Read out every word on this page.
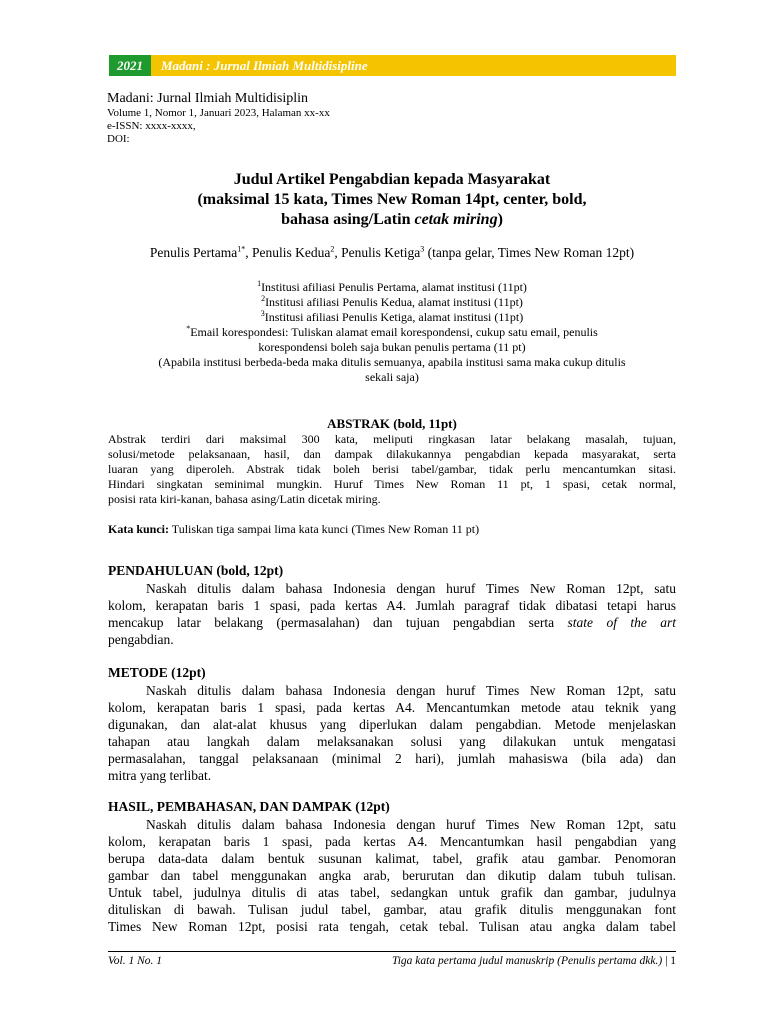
2021	Madani : Jurnal Ilmiah Multidisipline
Madani: Jurnal Ilmiah Multidisiplin
Volume 1, Nomor 1, Januari 2023, Halaman xx-xx
e-ISSN: xxxx-xxxx,
DOI:
Judul Artikel Pengabdian kepada Masyarakat
(maksimal 15 kata, Times New Roman 14pt, center, bold,
bahasa asing/Latin cetak miring)
Penulis Pertama$^{1*}$, Penulis Kedua$^2$, Penulis Ketiga$^3$ (tanpa gelar, Times New Roman 12pt)
$^1$Institusi afiliasi Penulis Pertama, alamat institusi (11pt)
$^2$Institusi afiliasi Penulis Kedua, alamat institusi (11pt)
$^3$Institusi afiliasi Penulis Ketiga, alamat institusi (11pt)
*Email korespondesi: Tuliskan alamat email korespondensi, cukup satu email, penulis
korespondensi boleh saja bukan penulis pertama (11 pt)
(Apabila institusi berbeda-beda maka ditulis semuanya, apabila institusi sama maka cukup ditulis
sekali saja)
ABSTRAK (bold, 11pt)
Abstrak terdiri dari maksimal 300 kata, meliputi ringkasan latar belakang masalah, tujuan,
solusi/metode pelaksanaan, hasil, dan dampak dilakukannya pengabdian kepada masyarakat, serta
luaran yang diperoleh. Abstrak tidak boleh berisi tabel/gambar, tidak perlu mencantumkan sitasi.
Hindari singkatan seminimal mungkin. Huruf Times New Roman 11 pt, 1 spasi, cetak normal,
posisi rata kiri-kanan, bahasa asing/Latin dicetak miring.
Kata kunci: Tuliskan tiga sampai lima kata kunci (Times New Roman 11 pt)
PENDAHULUAN (bold, 12pt)
Naskah ditulis dalam bahasa Indonesia dengan huruf Times New Roman 12pt, satu
kolom, kerapatan baris 1 spasi, pada kertas A4. Jumlah paragraf tidak dibatasi tetapi harus
mencakup latar belakang (permasalahan) dan tujuan pengabdian serta state of the art
pengabdian.
METODE (12pt)
Naskah ditulis dalam bahasa Indonesia dengan huruf Times New Roman 12pt, satu
kolom, kerapatan baris 1 spasi, pada kertas A4. Mencantumkan metode atau teknik yang
digunakan, dan alat-alat khusus yang diperlukan dalam pengabdian. Metode menjelaskan
tahapan atau langkah dalam melaksanakan solusi yang dilakukan untuk mengatasi
permasalahan, tanggal pelaksanaan (minimal 2 hari), jumlah mahasiswa (bila ada) dan
mitra yang terlibat.
HASIL, PEMBAHASAN, DAN DAMPAK (12pt)
Naskah ditulis dalam bahasa Indonesia dengan huruf Times New Roman 12pt, satu
kolom, kerapatan baris 1 spasi, pada kertas A4. Mencantumkan hasil pengabdian yang
berupa data-data dalam bentuk susunan kalimat, tabel, grafik atau gambar. Penomoran
gambar dan tabel menggunakan angka arab, berurutan dan dikutip dalam tubuh tulisan.
Untuk tabel, judulnya ditulis di atas tabel, sedangkan untuk grafik dan gambar, judulnya
dituliskan di bawah. Tulisan judul tabel, gambar, atau grafik ditulis menggunakan font
Times New Roman 12pt, posisi rata tengah, cetak tebal. Tulisan atau angka dalam tabel
Vol. 1 No. 1	Tiga kata pertama judul manuskrip (Penulis pertama dkk.) | 1
